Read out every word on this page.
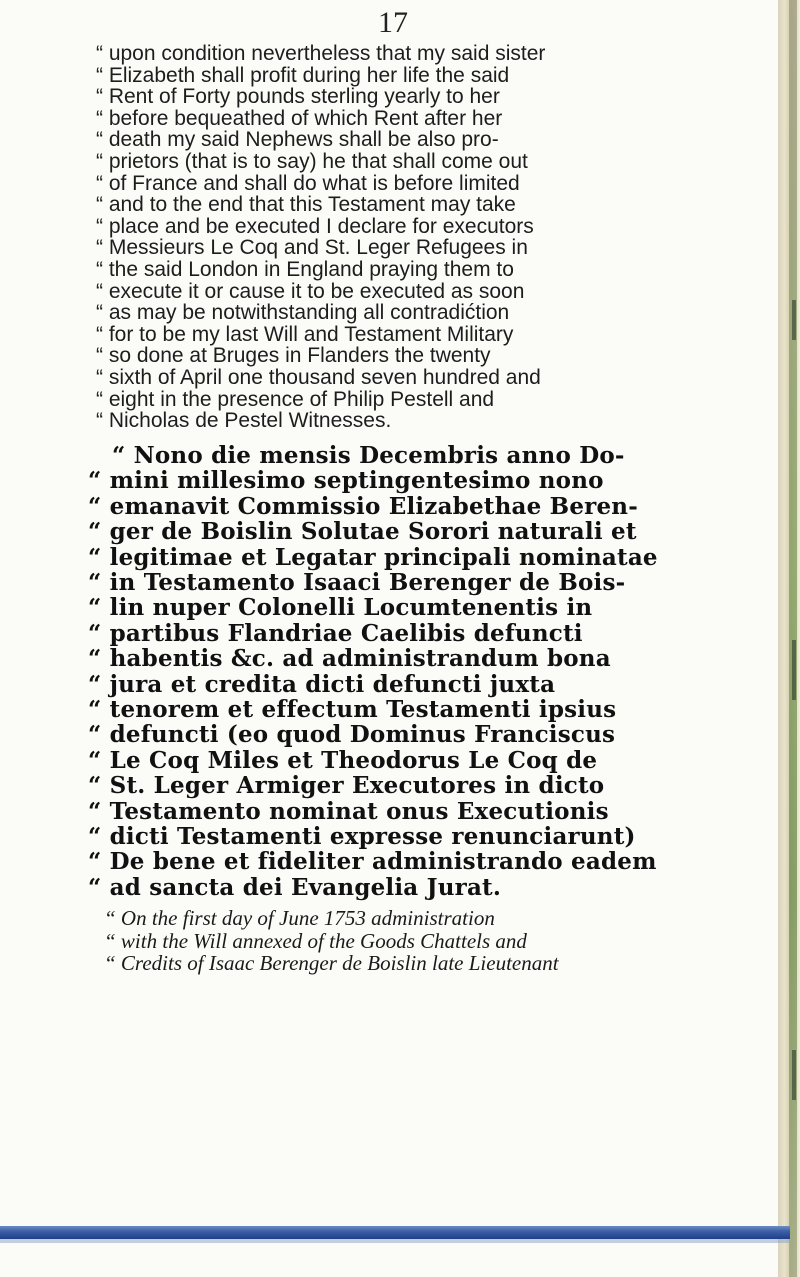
17
“ upon condition nevertheless that my said sister
“ Elizabeth shall profit during her life the said
“ Rent of Forty pounds sterling yearly to her
“ before bequeathed of which Rent after her
“ death my said Nephews shall be also pro-
“ prietors (that is to say) he that shall come out
“ of France and shall do what is before limited
“ and to the end that this Testament may take
“ place and be executed I declare for executors
“ Messieurs Le Coq and St. Leger Refugees in
“ the said London in England praying them to
“ execute it or cause it to be executed as soon
“ as may be notwithstanding all contradićtion
“ for to be my last Will and Testament Military
“ so done at Bruges in Flanders the twenty
“ sixth of April one thousand seven hundred and
“ eight in the presence of Philip Pestell and
“ Nicholas de Pestel Witnesses.
“ Nono die mensis Decembris anno Do-
“ mini millesimo septingentesimo nono
“ emanavit Commissio Elizabethae Beren-
“ ger de Boislin Solutae Sorori naturali et
“ legitimae et Legatar principali nominatae
“ in Testamento Isaaci Berenger de Bois-
“ lin nuper Colonelli Locumtenentis in
“ partibus Flandriae Caelibis defuncti
“ habentis &c. ad administrandum bona
“ jura et credita dicti defuncti juxta
“ tenorem et effectum Testamenti ipsius
“ defuncti (eo quod Dominus Franciscus
“ Le Coq Miles et Theodorus Le Coq de
“ St. Leger Armiger Executores in dicto
“ Testamento nominat onus Executionis
“ dicti Testamenti expresse renunciarunt)
“ De bene et fideliter administrando eadem
“ ad sancta dei Evangelia Jurat.
“ On the first day of June 1753 administration
“ with the Will annexed of the Goods Chattels and
“ Credits of Isaac Berenger de Boislin late Lieutenant
